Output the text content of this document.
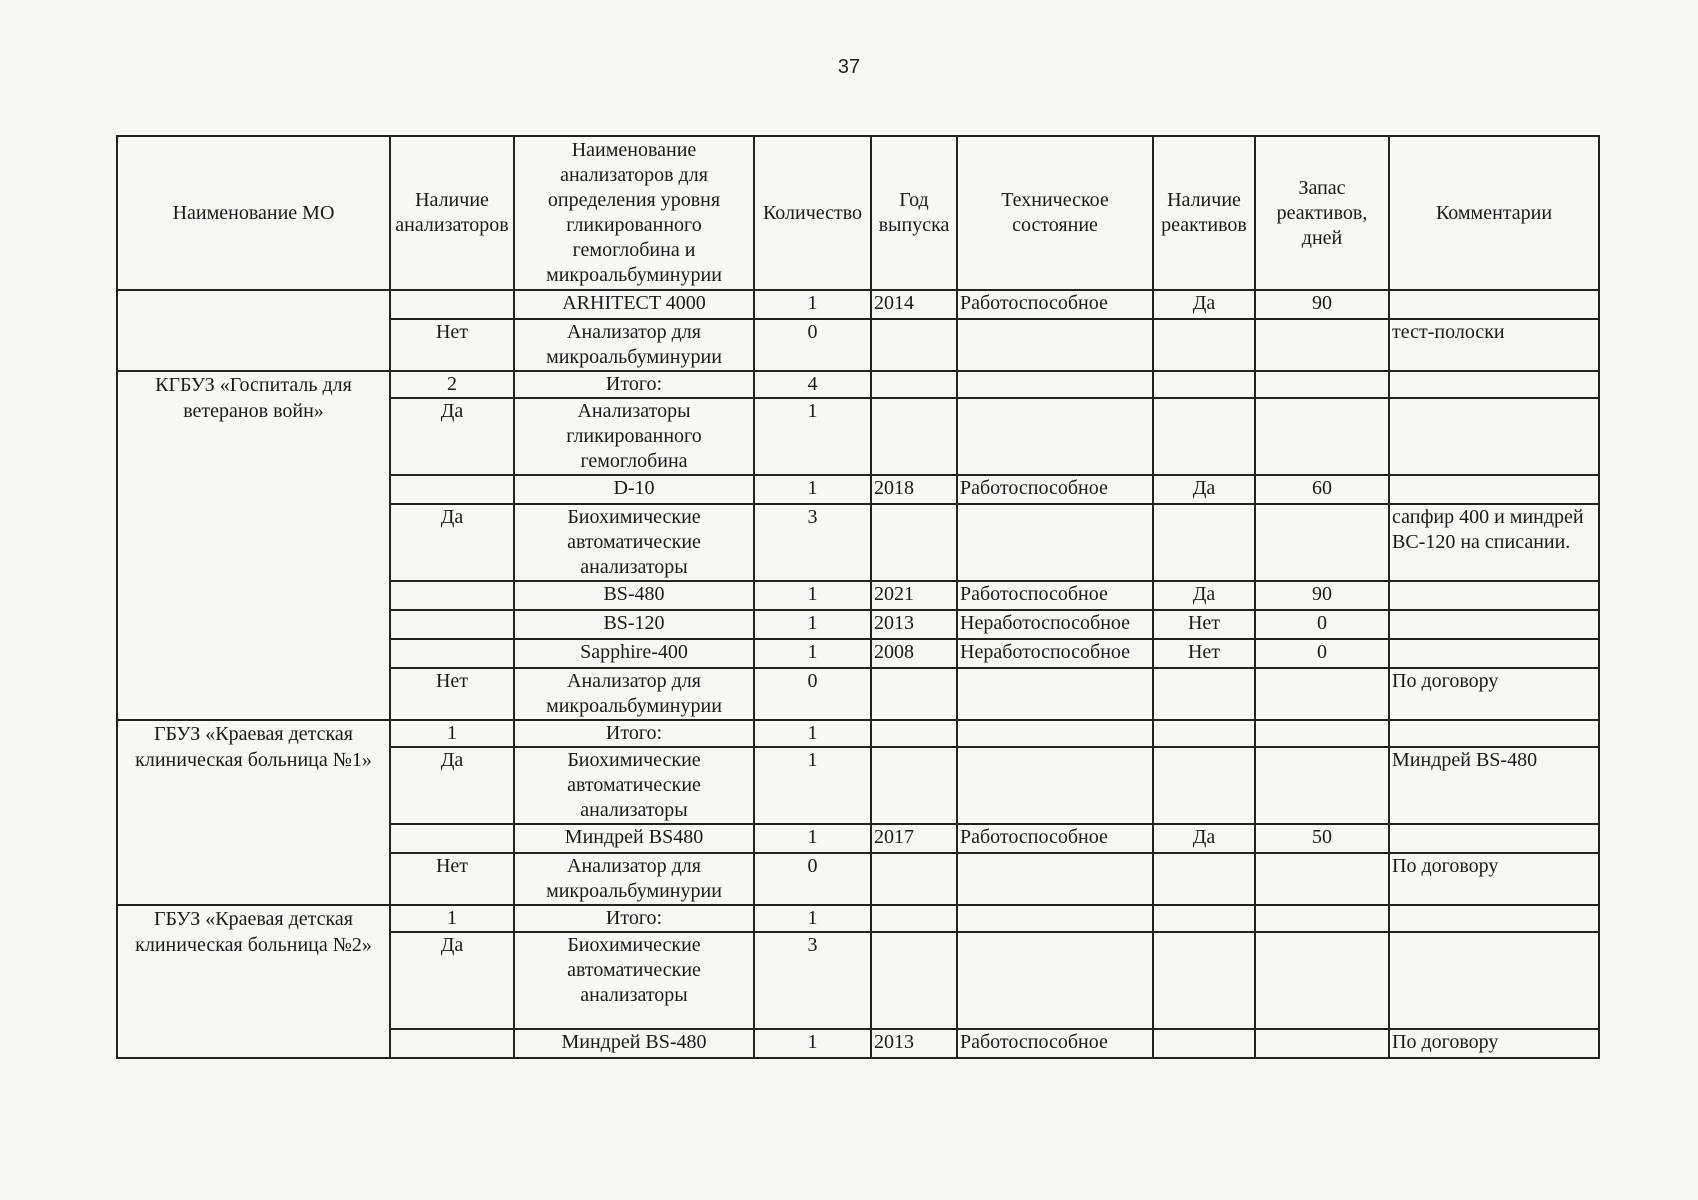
37
Наименование МО	Наличие анализаторов	Наименование анализаторов для определения уровня гликированного гемоглобина и микроальбуминурии	Количество	Год выпуска	Техническое состояние	Наличие реактивов	Запас реактивов, дней	Комментарии
		ARHITECT 4000	1	2014	Работоспособное	Да	90	
	Нет	Анализатор для микроальбуминурии	0					тест-полоски
КГБУЗ «Госпиталь для ветеранов войн»	2	Итого:	4					
	Да	Анализаторы гликированного гемоглобина	1					
		D-10	1	2018	Работоспособное	Да	60	
	Да	Биохимические автоматические анализаторы	3					сапфир 400 и миндрей ВС-120 на списании.
		BS-480	1	2021	Работоспособное	Да	90	
		BS-120	1	2013	Неработоспособное	Нет	0	
		Sapphire-400	1	2008	Неработоспособное	Нет	0	
	Нет	Анализатор для микроальбуминурии	0					По договору
ГБУЗ «Краевая детская клиническая больница №1»	1	Итого:	1					
	Да	Биохимические автоматические анализаторы	1					Миндрей BS-480
		Миндрей BS480	1	2017	Работоспособное	Да	50	
	Нет	Анализатор для микроальбуминурии	0					По договору
ГБУЗ «Краевая детская клиническая больница №2»	1	Итого:	1					
	Да	Биохимические автоматические анализаторы	3					
		Миндрей BS-480	1	2013	Работоспособное			По договору
